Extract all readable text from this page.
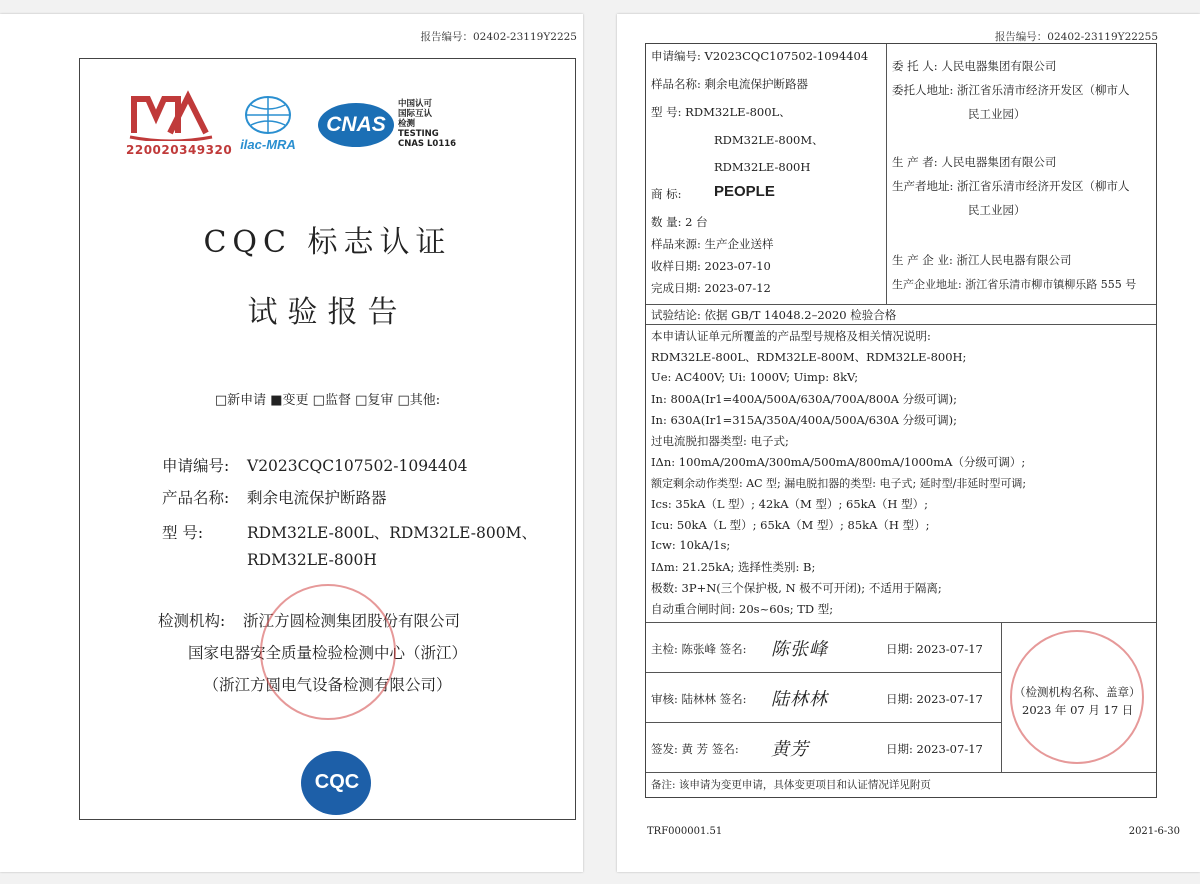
报告编号：02402-23119Y2225
220020349320 ilac-MRA
CNAS
中国认可
国际互认
检测
TESTING
CNAS L0116
CQC 标志认证
试验报告
□新申请 ■变更 □监督 □复审 □其他:
申请编号: V2023CQC107502-1094404
产品名称: 剩余电流保护断路器
型 号:	RDM32LE-800L、RDM32LE-800M、
RDM32LE-800H
检测机构: 浙江方圆检测集团股份有限公司
国家电器安全质量检验检测中心（浙江）
（浙江方圆电气设备检测有限公司）
CQC
报告编号：02402-23119Y22255
申请编号: V2023CQC107502-1094404
样品名称: 剩余电流保护断路器
型 号: RDM32LE-800L、
RDM32LE-800M、
RDM32LE-800H
商 标: PEOPLE
数 量: 2 台
样品来源: 生产企业送样
收样日期: 2023-07-10
完成日期: 2023-07-12
委 托 人: 人民电器集团有限公司
委托人地址: 浙江省乐清市经济开发区（柳市人
民工业园）
生 产 者: 人民电器集团有限公司
生产者地址: 浙江省乐清市经济开发区（柳市人
民工业园）
生 产 企 业: 浙江人民电器有限公司
生产企业地址: 浙江省乐清市柳市镇柳乐路 555 号
试验结论: 依据 GB/T 14048.2–2020 检验合格
本申请认证单元所覆盖的产品型号规格及相关情况说明:
RDM32LE-800L、RDM32LE-800M、RDM32LE-800H;
Ue: AC400V; Ui: 1000V; Uimp: 8kV;
In: 800A(Ir1=400A/500A/630A/700A/800A 分级可调);
In: 630A(Ir1=315A/350A/400A/500A/630A 分级可调);
过电流脱扣器类型: 电子式;
IΔn: 100mA/200mA/300mA/500mA/800mA/1000mA（分级可调）;
额定剩余动作类型: AC 型; 漏电脱扣器的类型: 电子式; 延时型/非延时型可调;
Ics: 35kA（L 型）; 42kA（M 型）; 65kA（H 型）;
Icu: 50kA（L 型）; 65kA（M 型）; 85kA（H 型）;
Icw: 10kA/1s;
IΔm: 21.25kA; 选择性类别: B;
极数: 3P+N(三个保护极, N 极不可开闭); 不适用于隔离;
自动重合闸时间: 20s~60s; TD 型;
主检: 陈张峰 签名: 陈张峰	日期: 2023-07-17
审核: 陆林林 签名: 陆林林	日期: 2023-07-17
签发: 黄 芳 签名: 黄芳	日期: 2023-07-17
（检测机构名称、盖章）
2023 年 07 月 17 日
备注: 该申请为变更申请，具体变更项目和认证情况详见附页
TRF000001.51	2021-6-30
